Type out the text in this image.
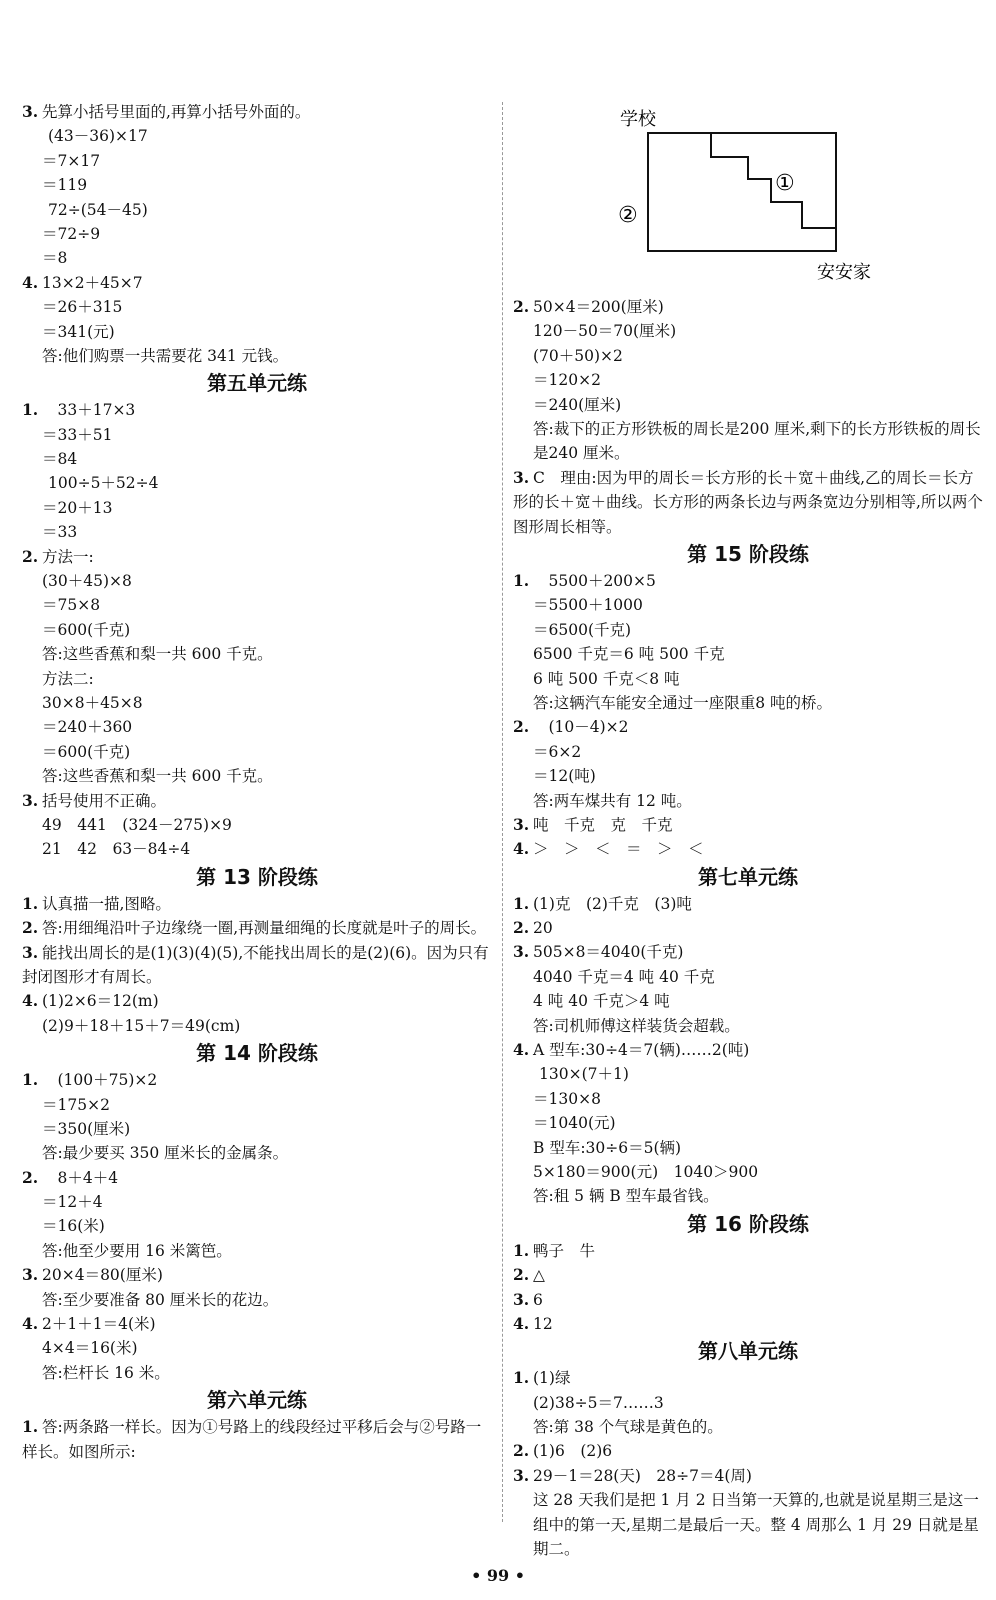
3. 先算小括号里面的,再算小括号外面的。
(43－36)×17
＝7×17
＝119
72÷(54－45)
＝72÷9
＝8
4. 13×2＋45×7
＝26＋315
＝341(元)
答:他们购票一共需要花 341 元钱。
第五单元练
1.　33＋17×3
＝33＋51
＝84
100÷5＋52÷4
＝20＋13
＝33
2. 方法一:
(30＋45)×8
＝75×8
＝600(千克)
答:这些香蕉和梨一共 600 千克。
方法二:
30×8＋45×8
＝240＋360
＝600(千克)
答:这些香蕉和梨一共 600 千克。
3. 括号使用不正确。
49　441　(324－275)×9
21　42　63－84÷4
第 13 阶段练
1. 认真描一描,图略。
2. 答:用细绳沿叶子边缘绕一圈,再测量细绳的长度就是叶子的周长。
3. 能找出周长的是(1)(3)(4)(5),不能找出周长的是(2)(6)。因为只有封闭图形才有周长。
4. (1)2×6＝12(m)
(2)9＋18＋15＋7＝49(cm)
第 14 阶段练
1.　(100＋75)×2
＝175×2
＝350(厘米)
答:最少要买 350 厘米长的金属条。
2.　8＋4＋4
＝12＋4
＝16(米)
答:他至少要用 16 米篱笆。
3. 20×4＝80(厘米)
答:至少要准备 80 厘米长的花边。
4. 2＋1＋1＝4(米)
4×4＝16(米)
答:栏杆长 16 米。
第六单元练
1. 答:两条路一样长。因为①号路上的线段经过平移后会与②号路一样长。如图所示:
学校
安安家
①
②
2. 50×4＝200(厘米)
120－50＝70(厘米)
(70＋50)×2
＝120×2
＝240(厘米)
答:裁下的正方形铁板的周长是200 厘米,剩下的长方形铁板的周长是240 厘米。
3. C　理由:因为甲的周长＝长方形的长＋宽＋曲线,乙的周长＝长方形的长＋宽＋曲线。长方形的两条长边与两条宽边分别相等,所以两个图形周长相等。
第 15 阶段练
1.　5500＋200×5
＝5500＋1000
＝6500(千克)
6500 千克＝6 吨 500 千克
6 吨 500 千克＜8 吨
答:这辆汽车能安全通过一座限重8 吨的桥。
2.　(10－4)×2
＝6×2
＝12(吨)
答:两车煤共有 12 吨。
3. 吨　千克　克　千克
4. ＞　＞　＜　＝　＞　＜
第七单元练
1. (1)克　(2)千克　(3)吨
2. 20
3. 505×8＝4040(千克)
4040 千克＝4 吨 40 千克
4 吨 40 千克＞4 吨
答:司机师傅这样装货会超载。
4. A 型车:30÷4＝7(辆)……2(吨)
130×(7＋1)
＝130×8
＝1040(元)
B 型车:30÷6＝5(辆)
5×180＝900(元)　1040＞900
答:租 5 辆 B 型车最省钱。
第 16 阶段练
1. 鸭子　牛
2. △
3. 6
4. 12
第八单元练
1. (1)绿
(2)38÷5＝7……3
答:第 38 个气球是黄色的。
2. (1)6　(2)6
3. 29－1＝28(天)　28÷7＝4(周)
这 28 天我们是把 1 月 2 日当第一天算的,也就是说星期三是这一组中的第一天,星期二是最后一天。整 4 周那么 1 月 29 日就是星期二。
• 99 •
